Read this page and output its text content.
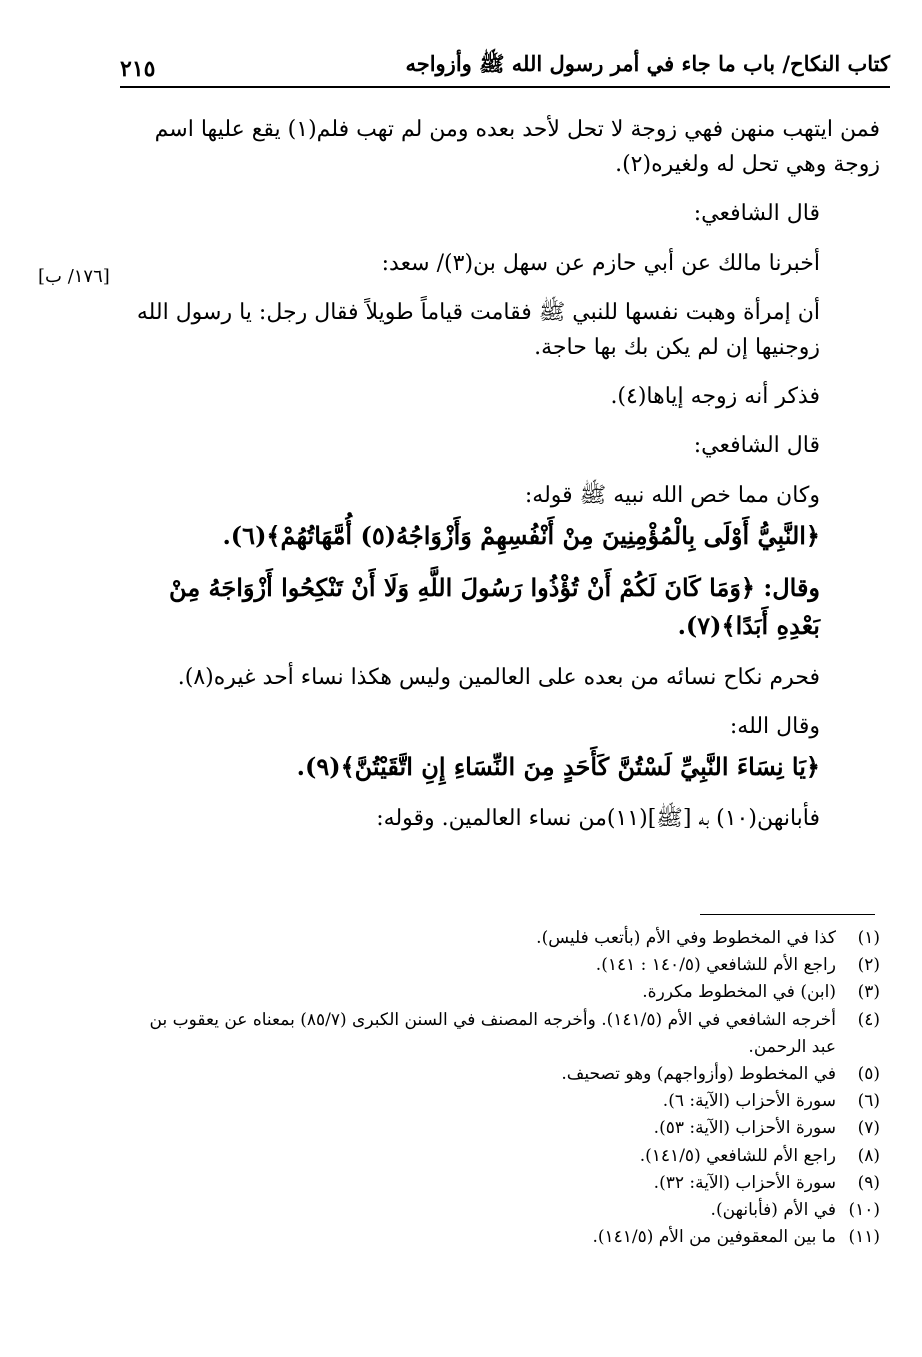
كتاب النكاح/ باب ما جاء في أمر رسول الله ﷺ وأزواجه
٢١٥
[١٧٦/ ب]

فمن ايتهب منهن فهي زوجة لا تحل لأحد بعده ومن لم تهب فلم(١) يقع عليها اسم زوجة وهي تحل له ولغيره(٢).

قال الشافعي:

أخبرنا مالك عن أبي حازم عن سهل بن(٣)/ سعد:

أن إمرأة وهبت نفسها للنبي ﷺ فقامت قياماً طويلاً فقال رجل: يا رسول الله زوجنيها إن لم يكن بك بها حاجة.

فذكر أنه زوجه إياها(٤).

قال الشافعي:

وكان مما خص الله نبيه ﷺ قوله:

﴿النَّبِيُّ أَوْلَى بِالْمُؤْمِنِينَ مِنْ أَنْفُسِهِمْ وَأَزْوَاجُهُ(٥) أُمَّهَاتُهُمْ﴾(٦).

وقال: ﴿وَمَا كَانَ لَكُمْ أَنْ تُؤْذُوا رَسُولَ اللَّهِ وَلَا أَنْ تَنْكِحُوا أَزْوَاجَهُ مِنْ بَعْدِهِ أَبَدًا﴾(٧).

فحرم نكاح نسائه من بعده على العالمين وليس هكذا نساء أحد غيره(٨).

وقال الله:

﴿يَا نِسَاءَ النَّبِيِّ لَسْتُنَّ كَأَحَدٍ مِنَ النِّسَاءِ إِنِ اتَّقَيْتُنَّ﴾(٩).

فأبانهن(١٠) به [ﷺ](١١)من نساء العالمين. وقوله:

(١)
كذا في المخطوط وفي الأم (بأتعب فليس).
(٢)
راجع الأم للشافعي (١٤٠/٥ : ١٤١).
(٣)
(ابن) في المخطوط مكررة.
(٤)
أخرجه الشافعي في الأم (١٤١/٥). وأخرجه المصنف في السنن الكبرى (٨٥/٧) بمعناه عن يعقوب بن عبد الرحمن.
(٥)
في المخطوط (وأزواجهم) وهو تصحيف.
(٦)
سورة الأحزاب (الآية: ٦).
(٧)
سورة الأحزاب (الآية: ٥٣).
(٨)
راجع الأم للشافعي (١٤١/٥).
(٩)
سورة الأحزاب (الآية: ٣٢).
(١٠)
في الأم (فأبانهن).
(١١)
ما بين المعقوفين من الأم (١٤١/٥).
